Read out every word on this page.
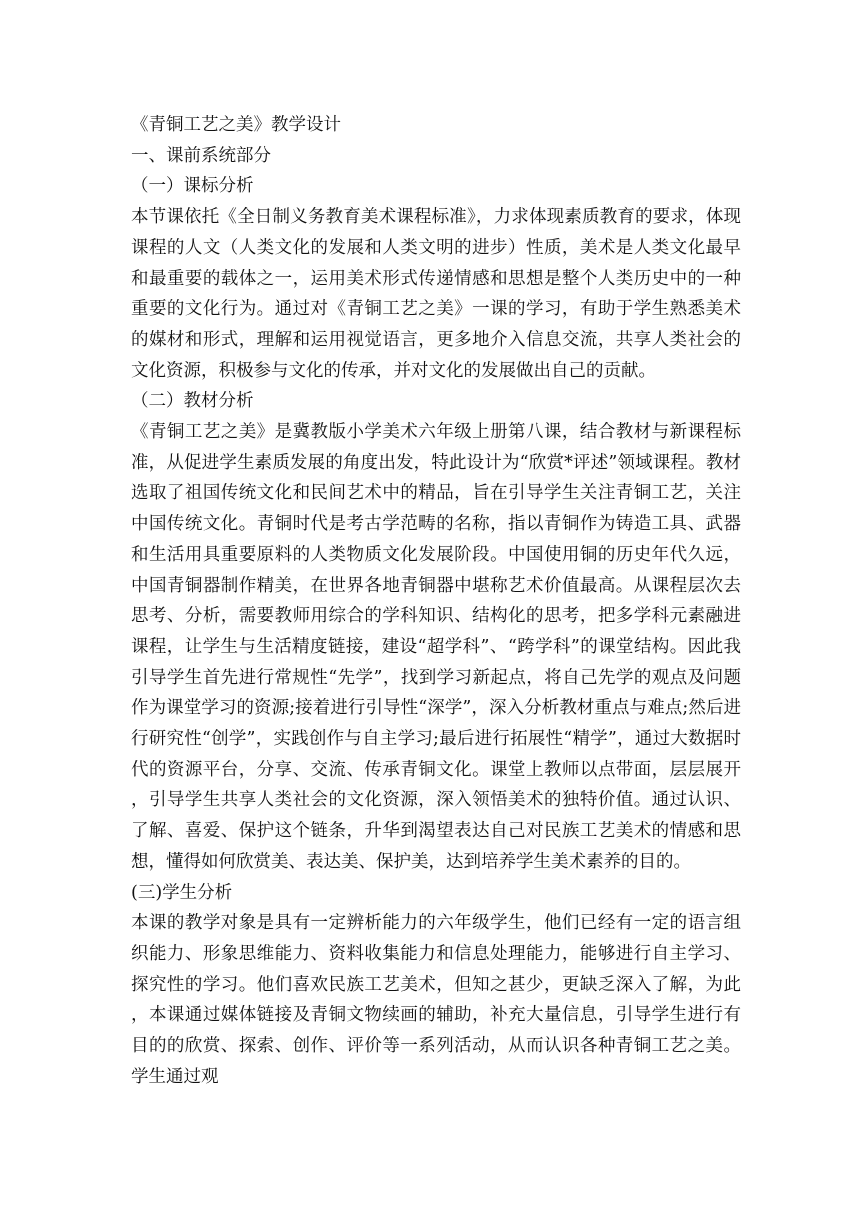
《青铜工艺之美》教学设计

一、课前系统部分

（一）课标分析

本节课依托《全日制义务教育美术课程标准》，力求体现素质教育的要求，体现课程的人文（人类文化的发展和人类文明的进步）性质，美术是人类文化最早和最重要的载体之一，运用美术形式传递情感和思想是整个人类历史中的一种重要的文化行为。通过对《青铜工艺之美》一课的学习，有助于学生熟悉美术的媒材和形式，理解和运用视觉语言，更多地介入信息交流，共享人类社会的文化资源，积极参与文化的传承，并对文化的发展做出自己的贡献。

（二）教材分析

《青铜工艺之美》是冀教版小学美术六年级上册第八课，结合教材与新课程标准，从促进学生素质发展的角度出发，特此设计为“欣赏*评述”领域课程。教材选取了祖国传统文化和民间艺术中的精品，旨在引导学生关注青铜工艺，关注中国传统文化。青铜时代是考古学范畴的名称，指以青铜作为铸造工具、武器和生活用具重要原料的人类物质文化发展阶段。中国使用铜的历史年代久远，中国青铜器制作精美，在世界各地青铜器中堪称艺术价值最高。从课程层次去思考、分析，需要教师用综合的学科知识、结构化的思考，把多学科元素融进课程，让学生与生活精度链接，建设“超学科”、“跨学科”的课堂结构。因此我引导学生首先进行常规性“先学”，找到学习新起点，将自己先学的观点及问题作为课堂学习的资源;接着进行引导性“深学”，深入分析教材重点与难点;然后进行研究性“创学”，实践创作与自主学习;最后进行拓展性“精学”，通过大数据时代的资源平台，分享、交流、传承青铜文化。课堂上教师以点带面，层层展开，引导学生共享人类社会的文化资源，深入领悟美术的独特价值。通过认识、了解、喜爱、保护这个链条，升华到渴望表达自己对民族工艺美术的情感和思想，懂得如何欣赏美、表达美、保护美，达到培养学生美术素养的目的。

(三)学生分析

本课的教学对象是具有一定辨析能力的六年级学生，他们已经有一定的语言组织能力、形象思维能力、资料收集能力和信息处理能力，能够进行自主学习、探究性的学习。他们喜欢民族工艺美术，但知之甚少，更缺乏深入了解，为此，本课通过媒体链接及青铜文物续画的辅助，补充大量信息，引导学生进行有目的的欣赏、探索、创作、评价等一系列活动，从而认识各种青铜工艺之美。学生通过观
